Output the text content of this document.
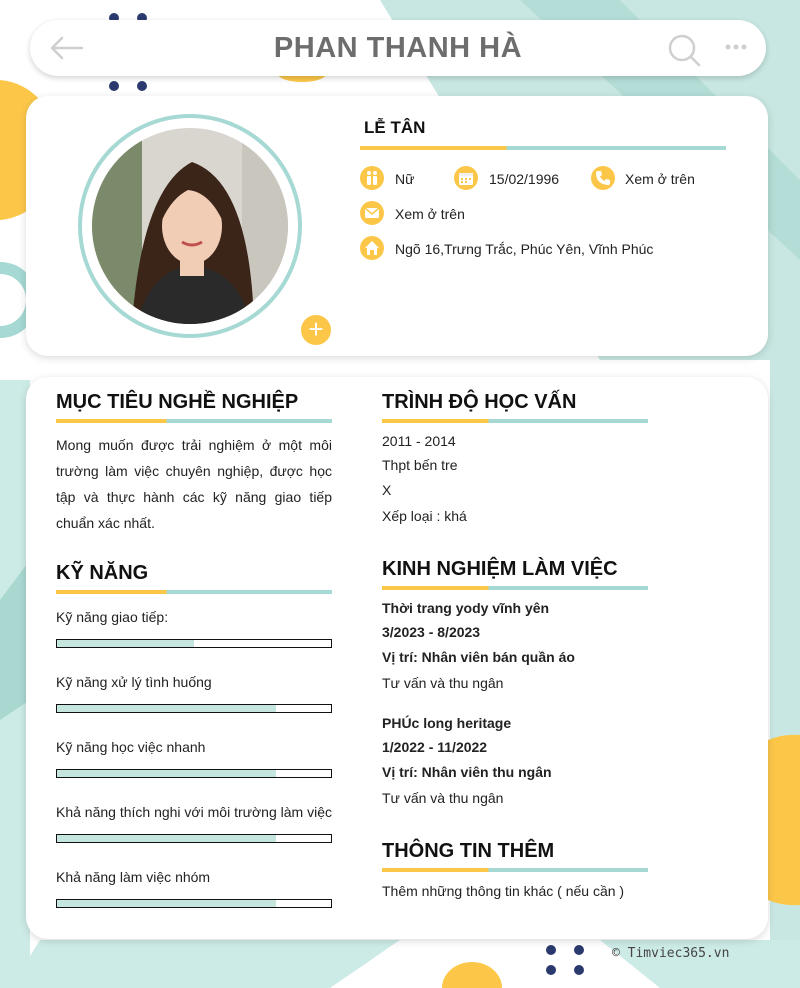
PHAN THANH HÀ
+
LỄ TÂN
Nữ	15/02/1996	Xem ở trên
Xem ở trên
Ngõ 16,Trưng Trắc, Phúc Yên, Vĩnh Phúc
MỤC TIÊU NGHỀ NGHIỆP
Mong muốn được trải nghiệm ở một môi trường làm việc chuyên nghiệp, được học tập và thực hành các kỹ năng giao tiếp chuẩn xác nhất.
KỸ NĂNG
Kỹ năng giao tiếp:
Kỹ năng xử lý tình huống
Kỹ năng học việc nhanh
Khả năng thích nghi với môi trường làm việc
Khả năng làm việc nhóm
TRÌNH ĐỘ HỌC VẤN
2011 - 2014
Thpt bến tre
X
Xếp loại : khá
KINH NGHIỆM LÀM VIỆC
Thời trang yody vĩnh yên
3/2023 - 8/2023
Vị trí: Nhân viên bán quần áo
Tư vấn và thu ngân
PHÚc long heritage
1/2022 - 11/2022
Vị trí: Nhân viên thu ngân
Tư vấn và thu ngân
THÔNG TIN THÊM
Thêm những thông tin khác ( nếu cần )
© Timviec365.vn
